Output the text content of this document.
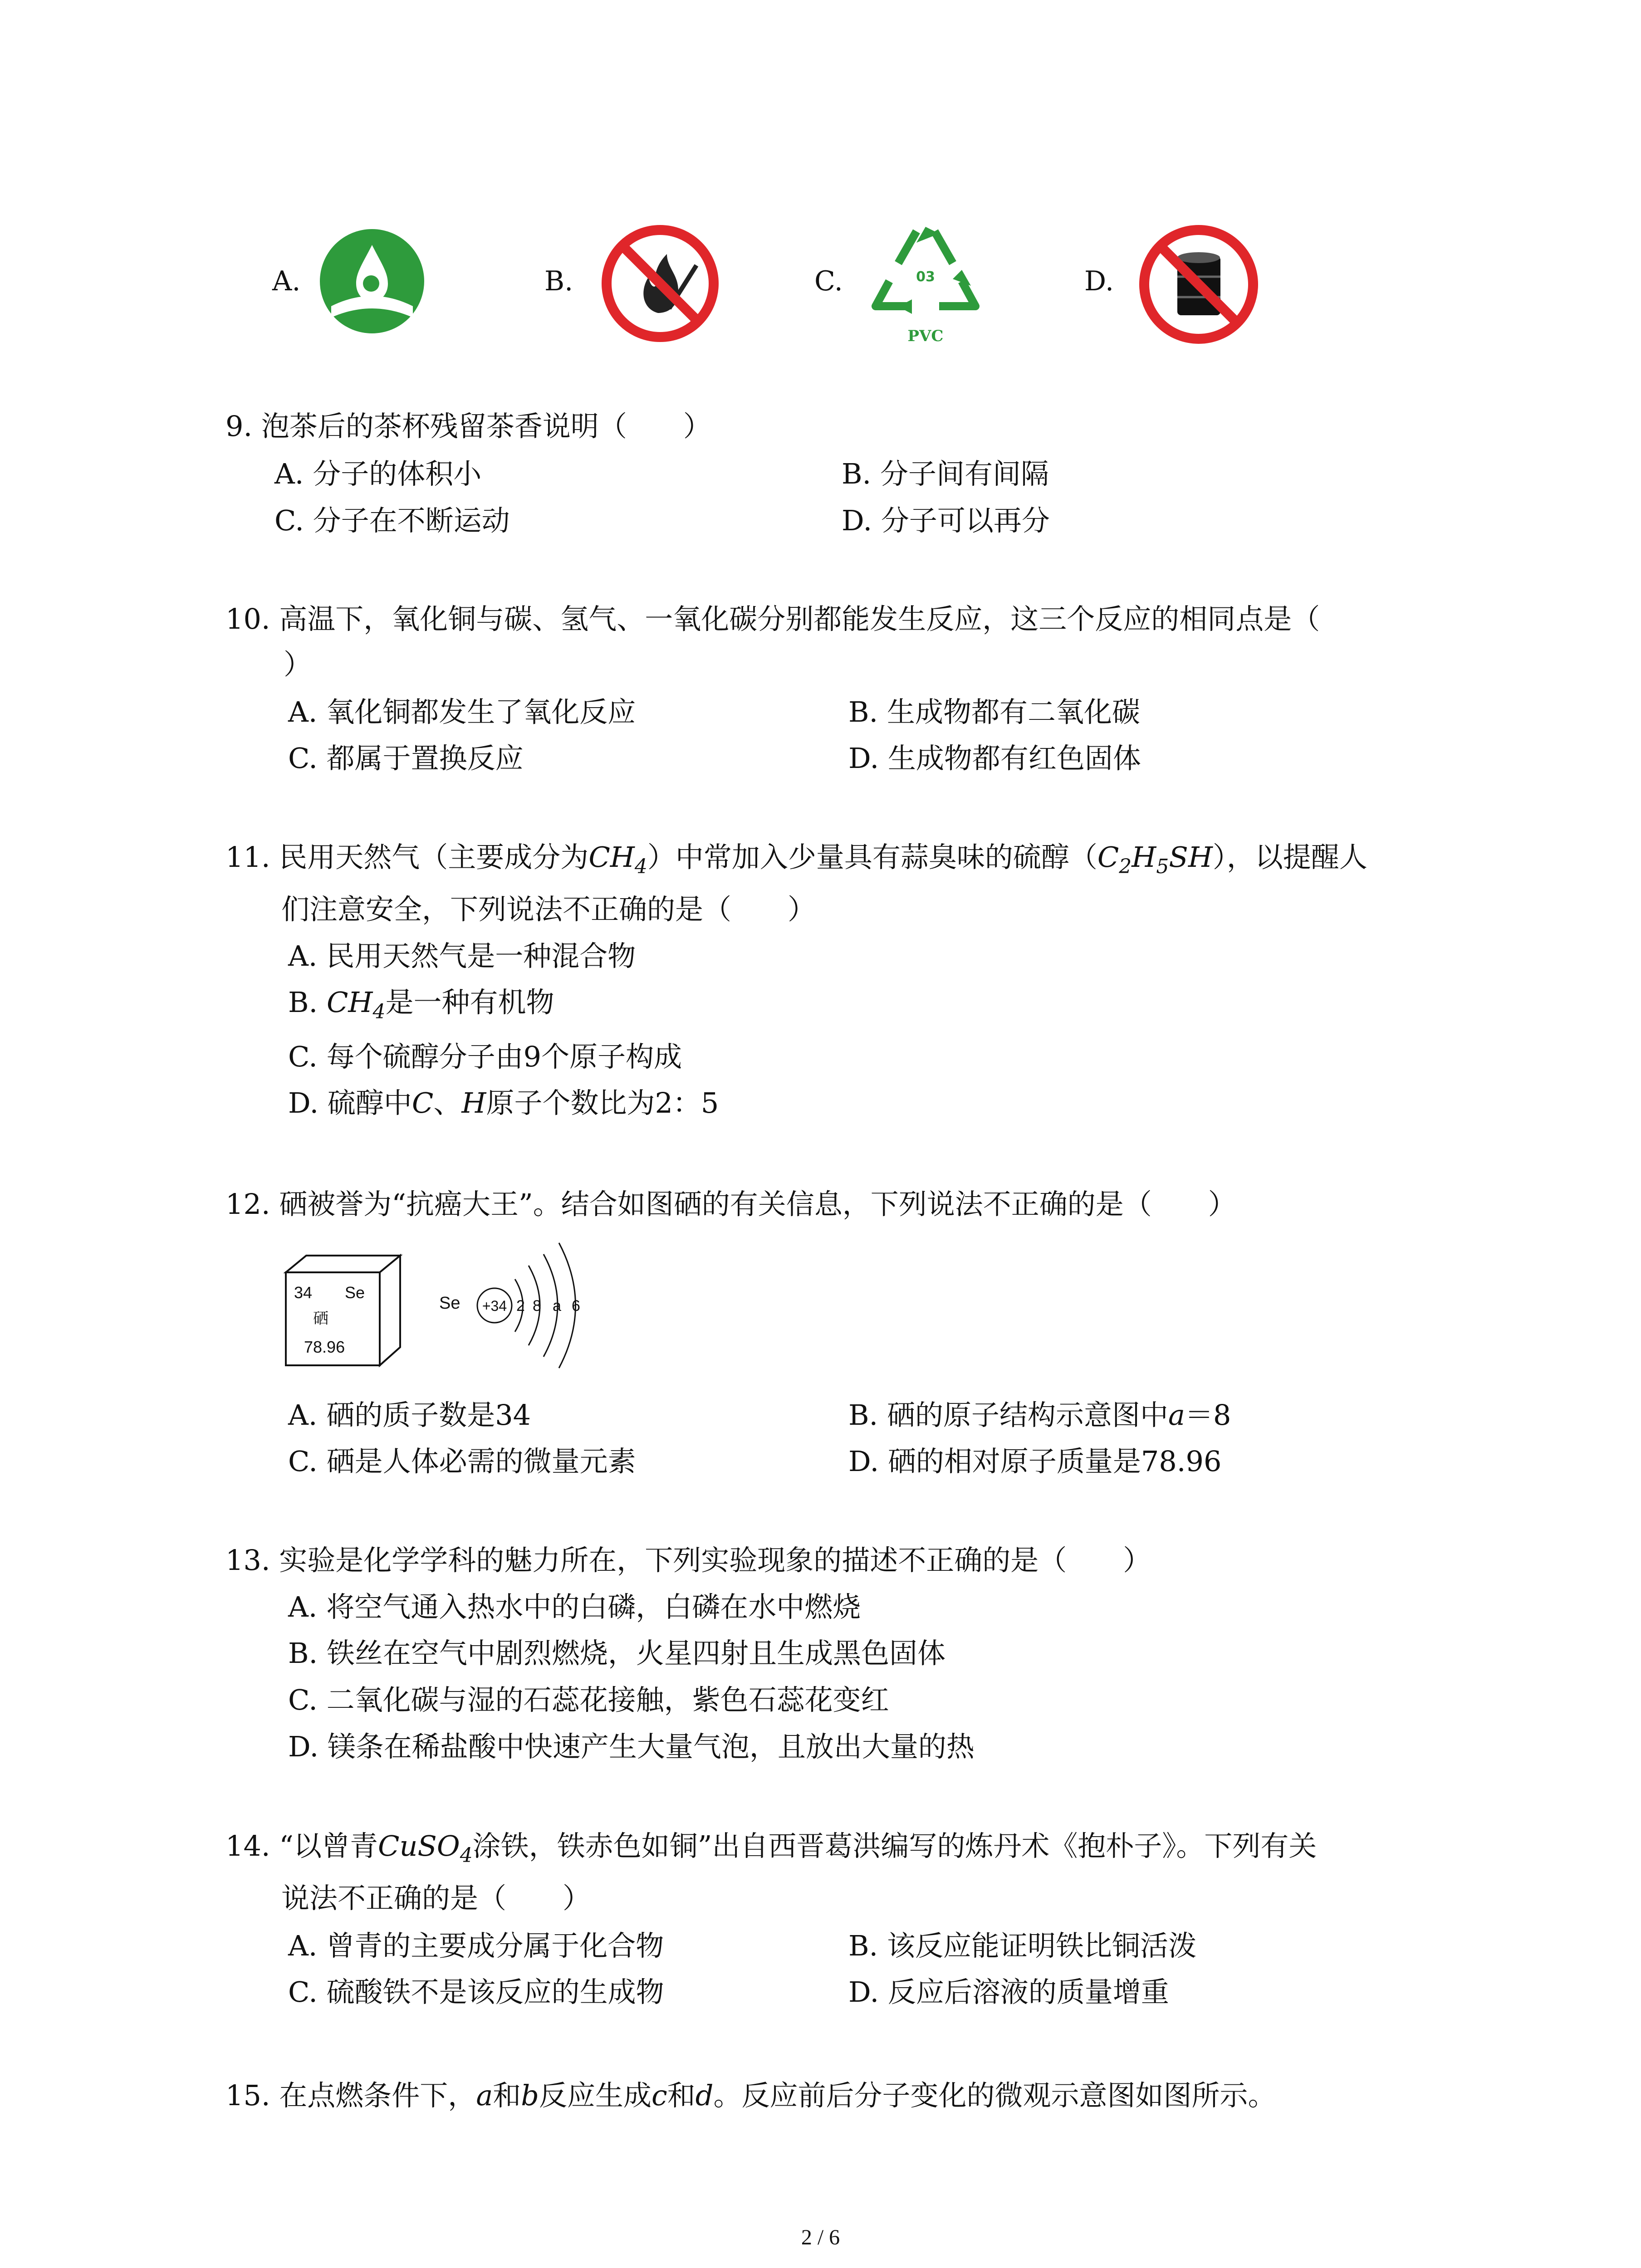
A.	B.	C.	03
PVC
D.
9. 泡茶后的茶杯残留茶香说明（　　）
A. 分子的体积小	B. 分子间有间隔
C. 分子在不断运动	D. 分子可以再分
10. 高温下，氧化铜与碳、氢气、一氧化碳分别都能发生反应，这三个反应的相同点是（
）
A. 氧化铜都发生了氧化反应	B. 生成物都有二氧化碳
C. 都属于置换反应	D. 生成物都有红色固体
11. 民用天然气（主要成分为$CH_4$）中常加入少量具有蒜臭味的硫醇$(C_2H_5SH)$，以提醒人
们注意安全，下列说法不正确的是（　　）
A. 民用天然气是一种混合物
B. $CH_4$是一种有机物
C. 每个硫醇分子由9个原子构成
D. 硫醇中C、H原子个数比为2：5
12. 硒被誉为“抗癌大王”。结合如图硒的有关信息，下列说法不正确的是（　　）
34 Se
硒
78.96
Se +34 2 8 a 6
A. 硒的质子数是34	B. 硒的原子结构示意图中a＝8
C. 硒是人体必需的微量元素	D. 硒的相对原子质量是78.96
13. 实验是化学学科的魅力所在，下列实验现象的描述不正确的是（　　）
A. 将空气通入热水中的白磷，白磷在水中燃烧
B. 铁丝在空气中剧烈燃烧，火星四射且生成黑色固体
C. 二氧化碳与湿的石蕊花接触，紫色石蕊花变红
D. 镁条在稀盐酸中快速产生大量气泡，且放出大量的热
14. “以曾青CuSO$_4$涂铁，铁赤色如铜”出自西晋葛洪编写的炼丹术《抱朴子》。下列有关
说法不正确的是（　　）
A. 曾青的主要成分属于化合物	B. 该反应能证明铁比铜活泼
C. 硫酸铁不是该反应的生成物	D. 反应后溶液的质量增重
15. 在点燃条件下，a和b反应生成c和d。反应前后分子变化的微观示意图如图所示。
2 / 6
